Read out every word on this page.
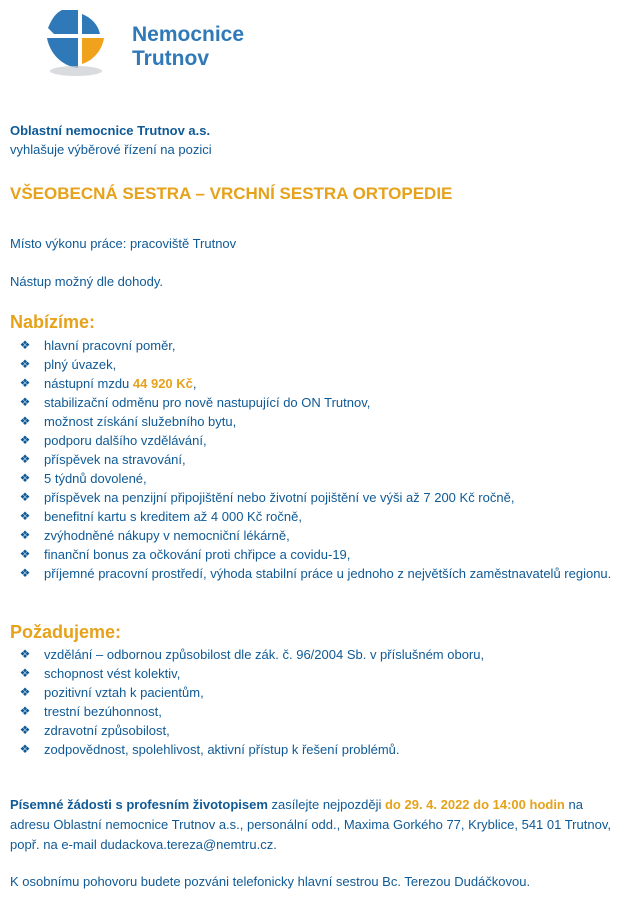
Nemocnice
Trutnov
Oblastní nemocnice Trutnov a.s.
vyhlašuje výběrové řízení na pozici
VŠEOBECNÁ SESTRA – VRCHNÍ SESTRA ORTOPEDIE
Místo výkonu práce: pracoviště Trutnov
Nástup možný dle dohody.
Nabízíme:
❖ hlavní pracovní poměr,
❖ plný úvazek,
❖ nástupní mzdu 44 920 Kč,
❖ stabilizační odměnu pro nově nastupující do ON Trutnov,
❖ možnost získání služebního bytu,
❖ podporu dalšího vzdělávání,
❖ příspěvek na stravování,
❖ 5 týdnů dovolené,
❖ příspěvek na penzijní připojištění nebo životní pojištění ve výši až 7 200 Kč ročně,
❖ benefitní kartu s kreditem až 4 000 Kč ročně,
❖ zvýhodněné nákupy v nemocniční lékárně,
❖ finanční bonus za očkování proti chřipce a covidu-19,
❖ příjemné pracovní prostředí, výhoda stabilní práce u jednoho z největších zaměstnavatelů regionu.
Požadujeme:
❖ vzdělání – odbornou způsobilost dle zák. č. 96/2004 Sb. v příslušném oboru,
❖ schopnost vést kolektiv,
❖ pozitivní vztah k pacientům,
❖ trestní bezúhonnost,
❖ zdravotní způsobilost,
❖ zodpovědnost, spolehlivost, aktivní přístup k řešení problémů.
Písemné žádosti s profesním životopisem zasílejte nejpozději do 29. 4. 2022 do 14:00 hodin na adresu Oblastní nemocnice Trutnov a.s., personální odd., Maxima Gorkého 77, Kryblice, 541 01 Trutnov, popř. na e-mail dudackova.tereza@nemtru.cz.
K osobnímu pohovoru budete pozváni telefonicky hlavní sestrou Bc. Terezou Dudáčkovou.
